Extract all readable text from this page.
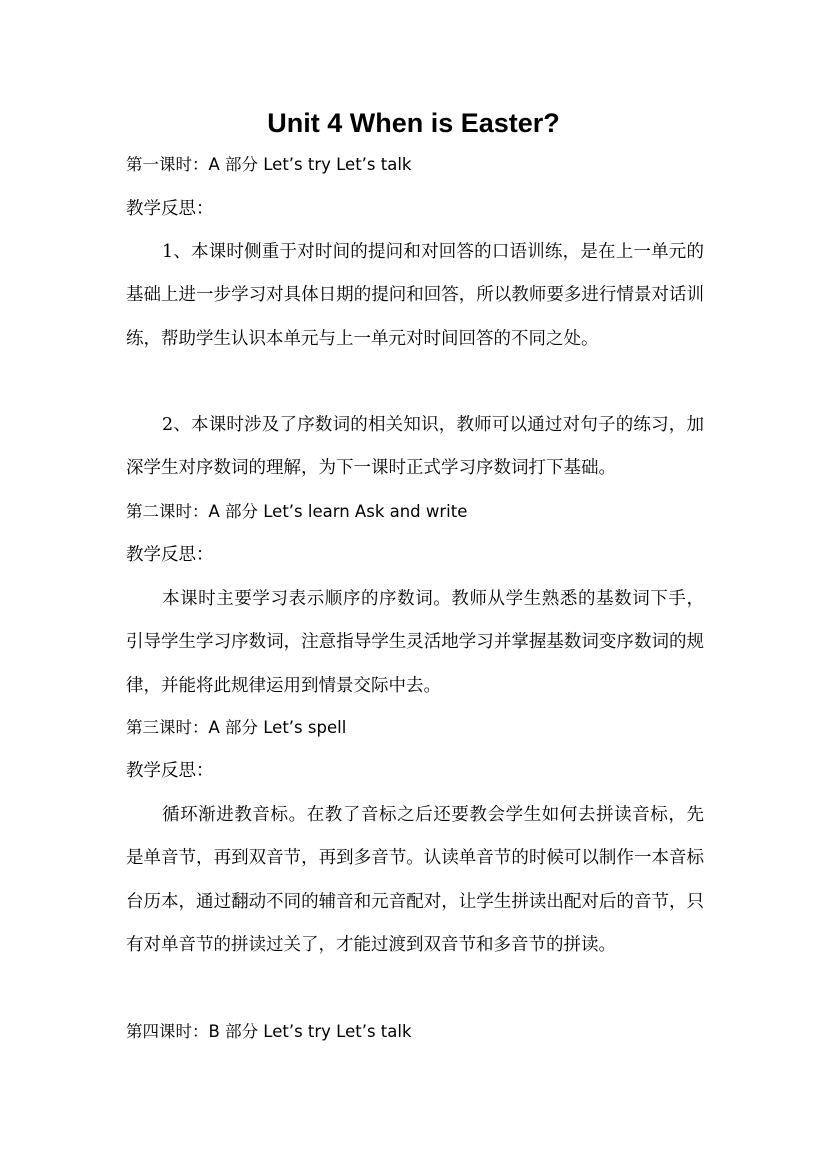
Unit 4 When is Easter?

第一课时：A 部分 Let’s try Let’s talk

教学反思：

1、本课时侧重于对时间的提问和对回答的口语训练，是在上一单元的基础上进一步学习对具体日期的提问和回答，所以教师要多进行情景对话训练，帮助学生认识本单元与上一单元对时间回答的不同之处。

2、本课时涉及了序数词的相关知识，教师可以通过对句子的练习，加深学生对序数词的理解，为下一课时正式学习序数词打下基础。

第二课时：A 部分 Let’s learn Ask and write

教学反思：

本课时主要学习表示顺序的序数词。教师从学生熟悉的基数词下手，引导学生学习序数词，注意指导学生灵活地学习并掌握基数词变序数词的规律，并能将此规律运用到情景交际中去。

第三课时：A 部分 Let’s spell

教学反思：

循环渐进教音标。在教了音标之后还要教会学生如何去拼读音标，先是单音节，再到双音节，再到多音节。认读单音节的时候可以制作一本音标台历本，通过翻动不同的辅音和元音配对，让学生拼读出配对后的音节，只有对单音节的拼读过关了，才能过渡到双音节和多音节的拼读。

第四课时：B 部分 Let’s try Let’s talk
